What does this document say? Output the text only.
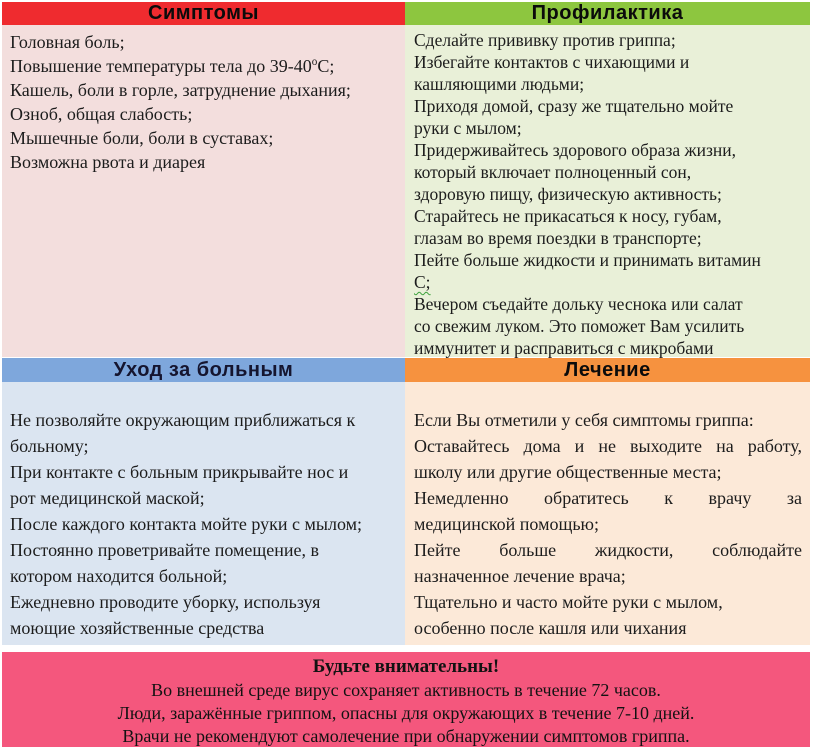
Симптомы
Головная боль;
Повышение температуры тела до $39-40^оС$;
Кашель, боли в горле, затруднение дыхания;
Озноб, общая слабость;
Мышечные боли, боли в суставах;
Возможна рвота и диарея
Профилактика
Сделайте прививку против гриппа;
Избегайте контактов с чихающими и
кашляющими людьми;
Приходя домой, сразу же тщательно мойте
руки с мылом;
Придерживайтесь здорового образа жизни,
который включает полноценный сон,
здоровую пищу, физическую активность;
Старайтесь не прикасаться к носу, губам,
глазам во время поездки в транспорте;
Пейте больше жидкости и принимать витамин
С;
Вечером съедайте дольку чеснока или салат
со свежим луком. Это поможет Вам усилить
иммунитет и расправиться с микробами
Уход за больным
Не позволяйте окружающим приближаться к
больному;
При контакте с больным прикрывайте нос и
рот медицинской маской;
После каждого контакта мойте руки с мылом;
Постоянно проветривайте помещение, в
котором находится больной;
Ежедневно проводите уборку, используя
моющие хозяйственные средства
Лечение
Если Вы отметили у себя симптомы гриппа:
Оставайтесь дома и не выходите на работу,
школу или другие общественные места;
Немедленно обратитесь к врачу за
медицинской помощью;
Пейте больше жидкости, соблюдайте
назначенное лечение врача;
Тщательно и часто мойте руки с мылом,
особенно после кашля или чихания
Будьте внимательны!
Во внешней среде вирус сохраняет активность в течение 72 часов.
Люди, заражённые гриппом, опасны для окружающих в течение 7-10 дней.
Врачи не рекомендуют самолечение при обнаружении симптомов гриппа.
